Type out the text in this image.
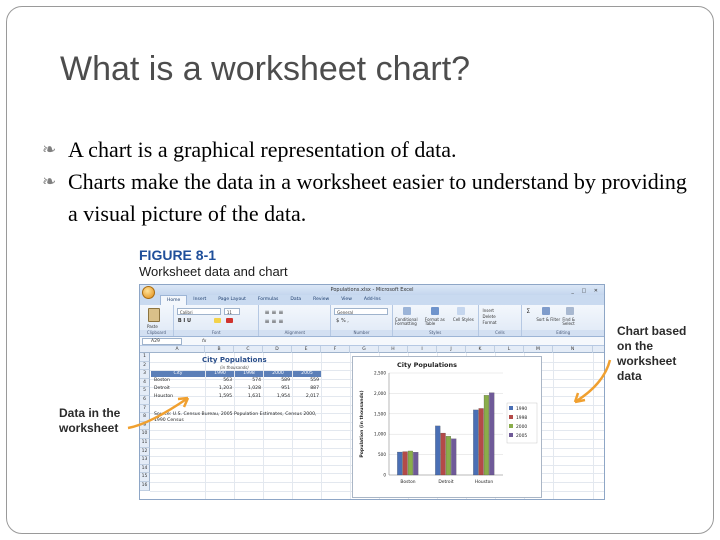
What is a worksheet chart?
❧ A chart is a graphical representation of data.
❧ Charts make the data in a worksheet easier to understand by providing a visual picture of the data.
FIGURE 8-1
Worksheet data and chart
Populations.xlsx - Microsoft Excel	_ □ ✕
Home	Insert	Page Layout	Formulas	Data	Review	View	Add-Ins
Paste
Clipboard
Calibri	11
B I U
Font
≡ ≡ ≡
≡ ≡ ≡
Alignment
General
$ % ,
Number
Conditional Formatting
Format as Table
Cell Styles
Styles
Insert
Delete
Format
Cells
Σ
Sort & Filter Find & Select
Editing
A29	fx
A	B	C	D	E	F	G	H	I	J	K	L	M	N
City Populations
(in thousands)
City	1990	1998	2000	2005
Boston	563	574	589	559
Detroit	1,203	1,028	951	887
Houston	1,595	1,631	1,954	2,017
Source: U.S. Census Bureau, 2005 Population Estimates, Census 2000, 1990 Census
City Populations
Population (in thousands)
0
500
1,000
1,500
2,000
2,500
Boston	Detroit	Houston
1990
1998
2000
2005
1
2
3
4
5
6
7
8
9
10
11
12
13
14
15
16
Data in the
worksheet
Chart based
on the
worksheet
data
